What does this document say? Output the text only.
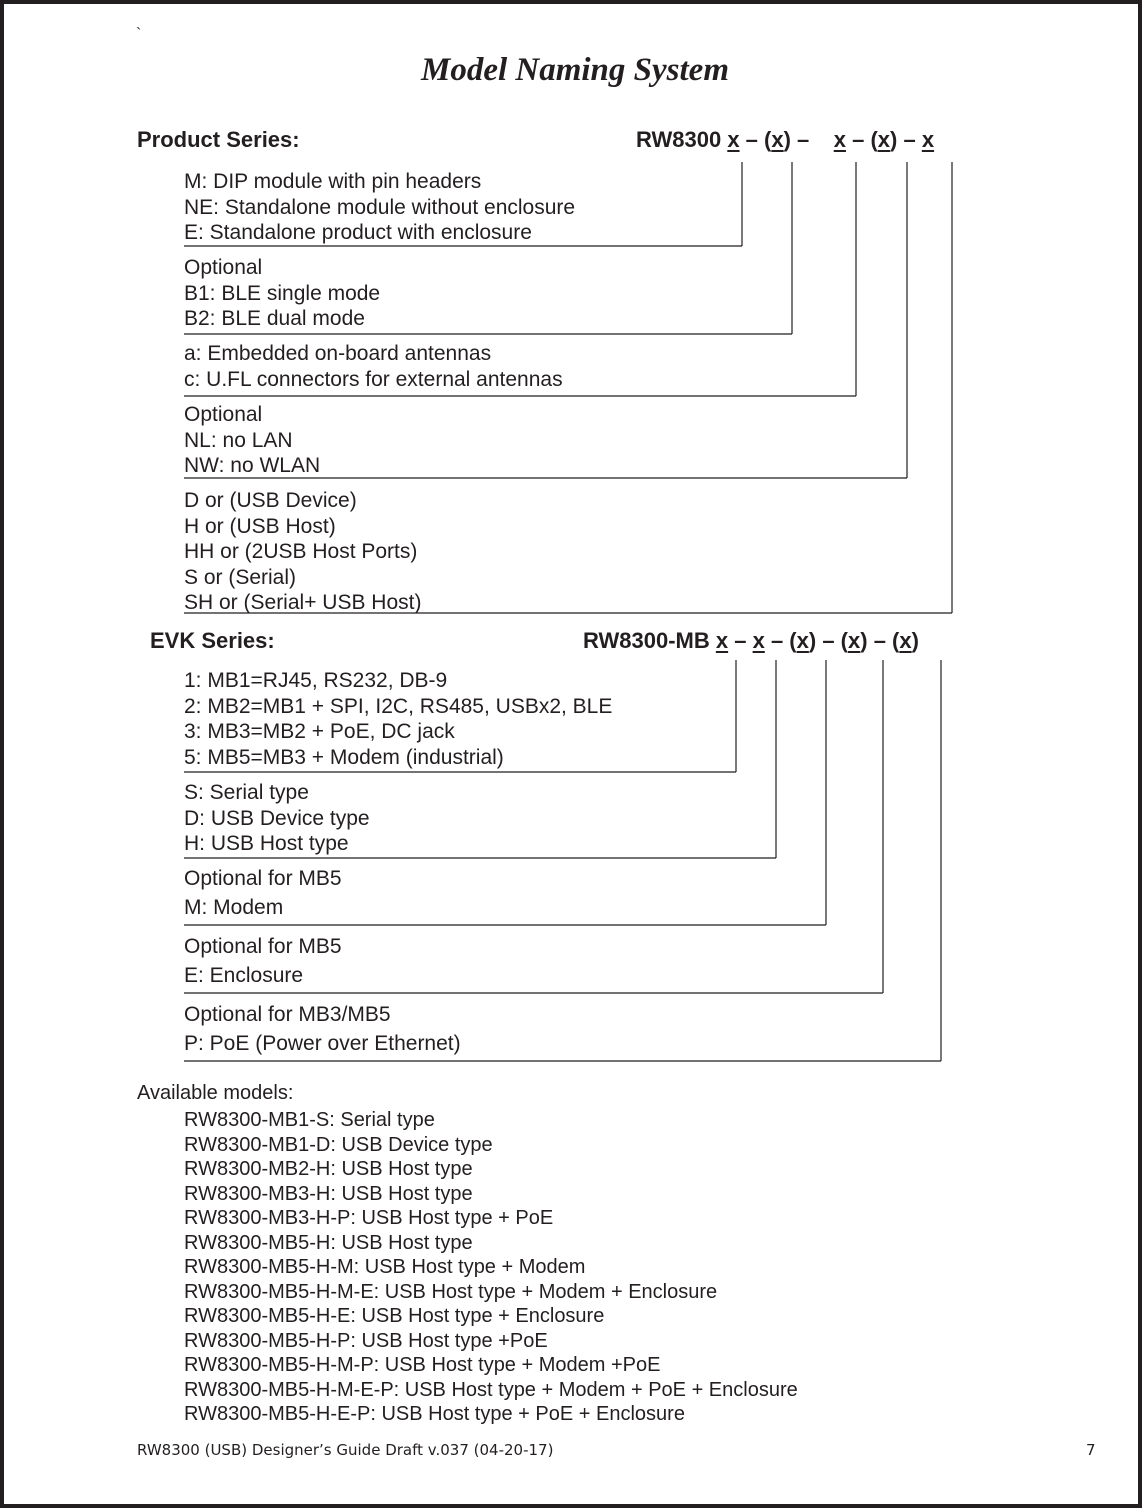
`
Model Naming System
Product Series:	RW8300 x – (x) –    x – (x) – x
M: DIP module with pin headers
NE: Standalone module without enclosure
E: Standalone product with enclosure
Optional
B1: BLE single mode
B2: BLE dual mode
a: Embedded on-board antennas
c: U.FL connectors for external antennas
Optional
NL: no LAN
NW: no WLAN
D or (USB Device)
H or (USB Host)
HH or (2USB Host Ports)
S or (Serial)
SH or (Serial+ USB Host)
EVK Series:	RW8300-MB x – x – (x) – (x) – (x)
1: MB1=RJ45, RS232, DB-9
2: MB2=MB1 + SPI, I2C, RS485, USBx2, BLE
3: MB3=MB2 + PoE, DC jack
5: MB5=MB3 + Modem (industrial)
S: Serial type
D: USB Device type
H: USB Host type
Optional for MB5
M: Modem
Optional for MB5
E: Enclosure
Optional for MB3/MB5
P: PoE (Power over Ethernet)
Available models:
RW8300-MB1-S: Serial type
RW8300-MB1-D: USB Device type
RW8300-MB2-H: USB Host type
RW8300-MB3-H: USB Host type
RW8300-MB3-H-P: USB Host type + PoE
RW8300-MB5-H: USB Host type
RW8300-MB5-H-M: USB Host type + Modem
RW8300-MB5-H-M-E: USB Host type + Modem + Enclosure
RW8300-MB5-H-E: USB Host type + Enclosure
RW8300-MB5-H-P: USB Host type +PoE
RW8300-MB5-H-M-P: USB Host type + Modem +PoE
RW8300-MB5-H-M-E-P: USB Host type + Modem + PoE + Enclosure
RW8300-MB5-H-E-P: USB Host type + PoE + Enclosure
RW8300 (USB) Designer’s Guide Draft v.037 (04-20-17)	7
